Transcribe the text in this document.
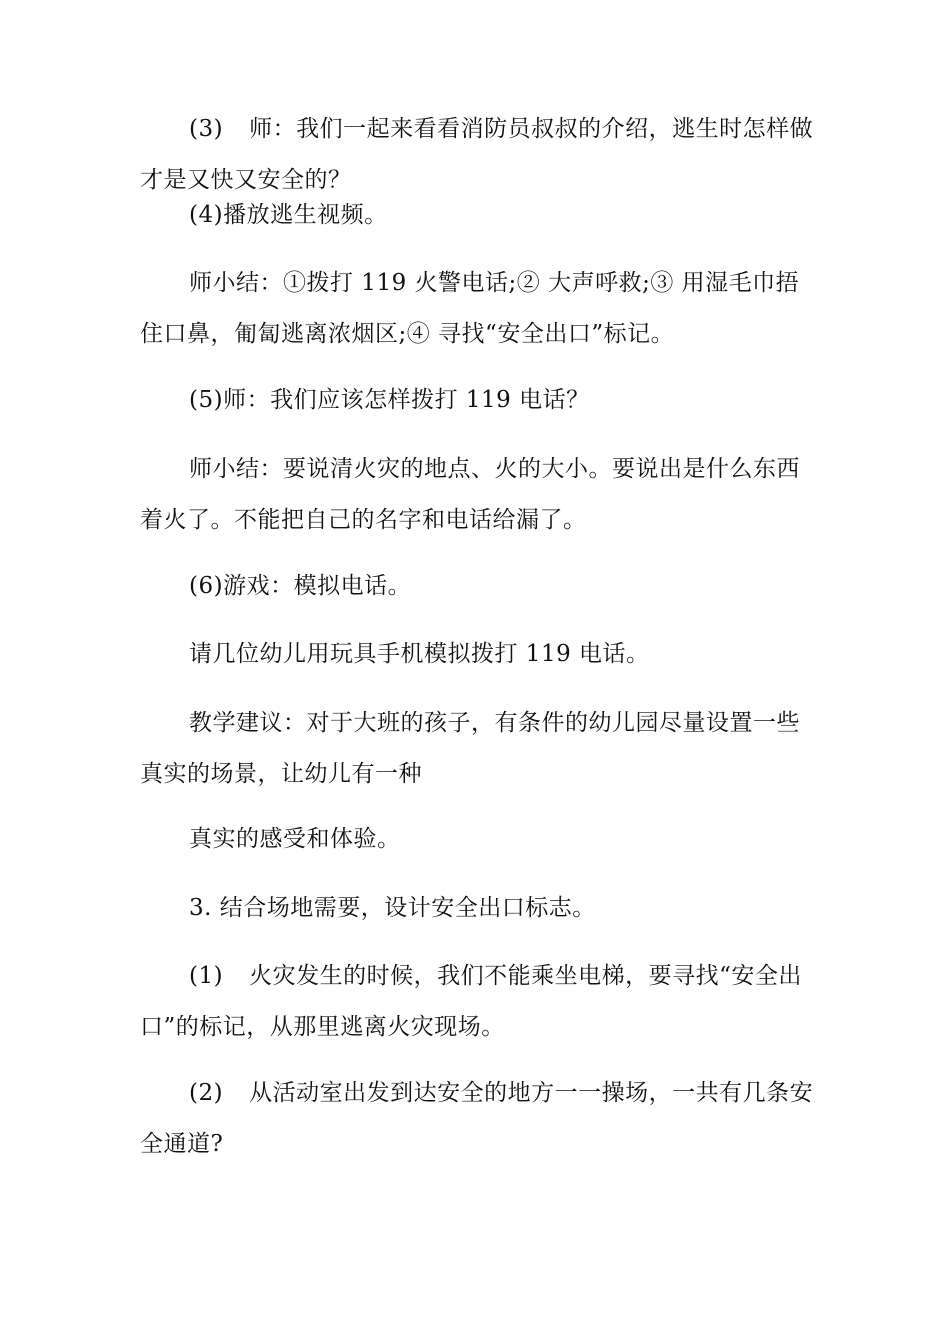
(3) 师：我们一起来看看消防员叔叔的介绍，逃生时怎样做才是又快又安全的？
(4)播放逃生视频。
师小结：①拨打 119 火警电话;② 大声呼救;③ 用湿毛巾捂住口鼻，匍匐逃离浓烟区;④ 寻找“安全出口”标记。
(5)师：我们应该怎样拨打 119 电话？
师小结：要说清火灾的地点、火的大小。要说出是什么东西着火了。不能把自己的名字和电话给漏了。
(6)游戏：模拟电话。
请几位幼儿用玩具手机模拟拨打 119 电话。
教学建议：对于大班的孩子，有条件的幼儿园尽量设置一些真实的场景，让幼儿有一种
真实的感受和体验。
3. 结合场地需要，设计安全出口标志。
(1) 火灾发生的时候，我们不能乘坐电梯，要寻找“安全出口”的标记，从那里逃离火灾现场。
(2) 从活动室出发到达安全的地方一一操场，一共有几条安全通道?
